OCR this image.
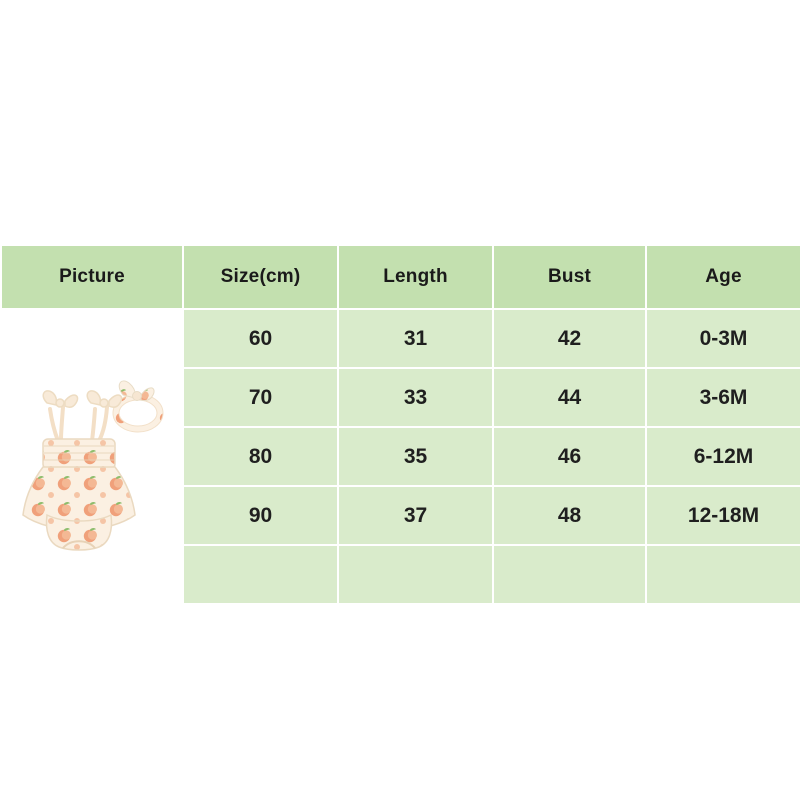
Picture	Size(cm)	Length	Bust	Age

	60	31	42	0-3M
	70	33	44	3-6M
	80	35	46	6-12M
	90	37	48	12-18M
